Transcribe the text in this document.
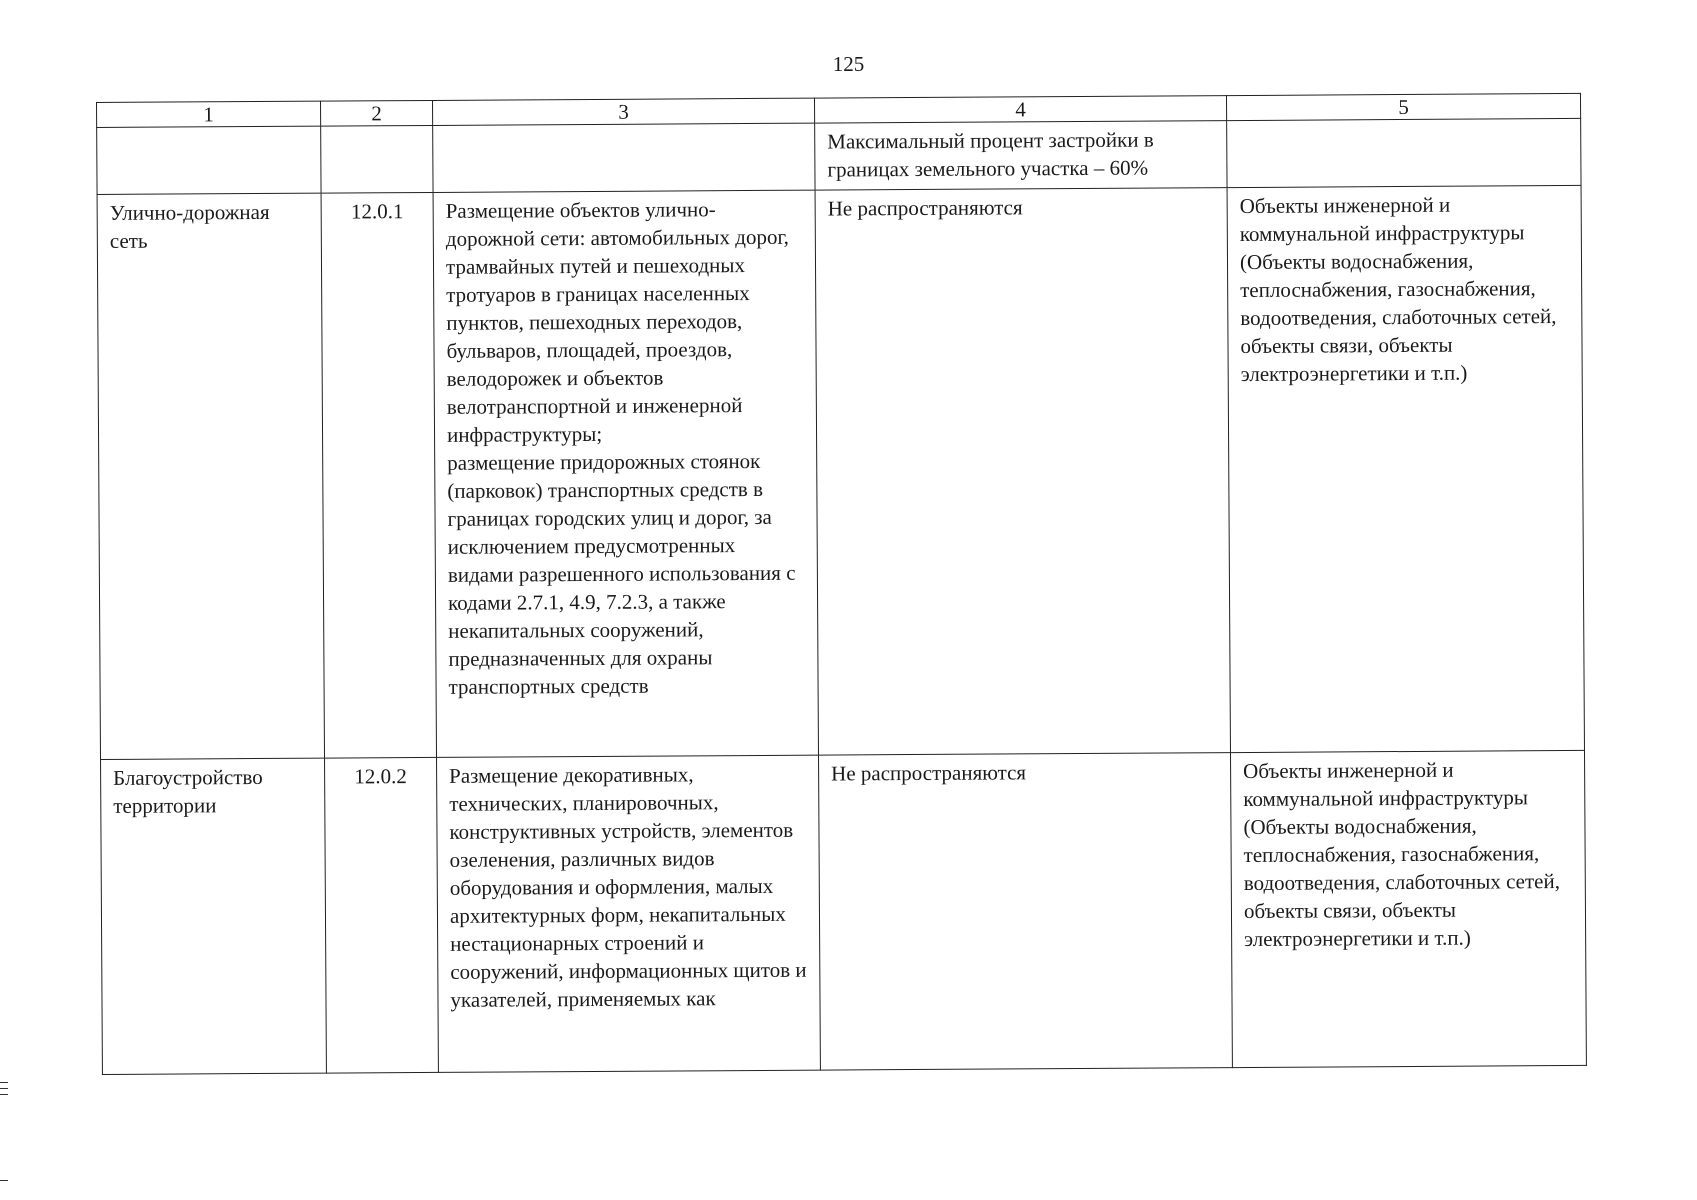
125
1	2	3	4	5
			Максимальный процент застройки в границах земельного участка – 60%	
Улично-дорожная сеть	12.0.1	Размещение объектов улично-дорожной сети: автомобильных дорог, трамвайных путей и пешеходных тротуаров в границах населенных пунктов, пешеходных переходов, бульваров, площадей, проездов, велодорожек и объектов велотранспортной и инженерной инфраструктуры;
размещение придорожных стоянок (парковок) транспортных средств в границах городских улиц и дорог, за исключением предусмотренных видами разрешенного использования с кодами 2.7.1, 4.9, 7.2.3, а также некапитальных сооружений, предназначенных для охраны транспортных средств	Не распространяются	Объекты инженерной и коммунальной инфраструктуры (Объекты водоснабжения, теплоснабжения, газоснабжения, водоотведения, слаботочных сетей, объекты связи, объекты электроэнергетики и т.п.)
Благоустройство территории	12.0.2	Размещение декоративных, технических, планировочных, конструктивных устройств, элементов озеленения, различных видов оборудования и оформления, малых архитектурных форм, некапитальных нестационарных строений и сооружений, информационных щитов и указателей, применяемых как	Не распространяются	Объекты инженерной и коммунальной инфраструктуры (Объекты водоснабжения, теплоснабжения, газоснабжения, водоотведения, слаботочных сетей, объекты связи, объекты электроэнергетики и т.п.)
